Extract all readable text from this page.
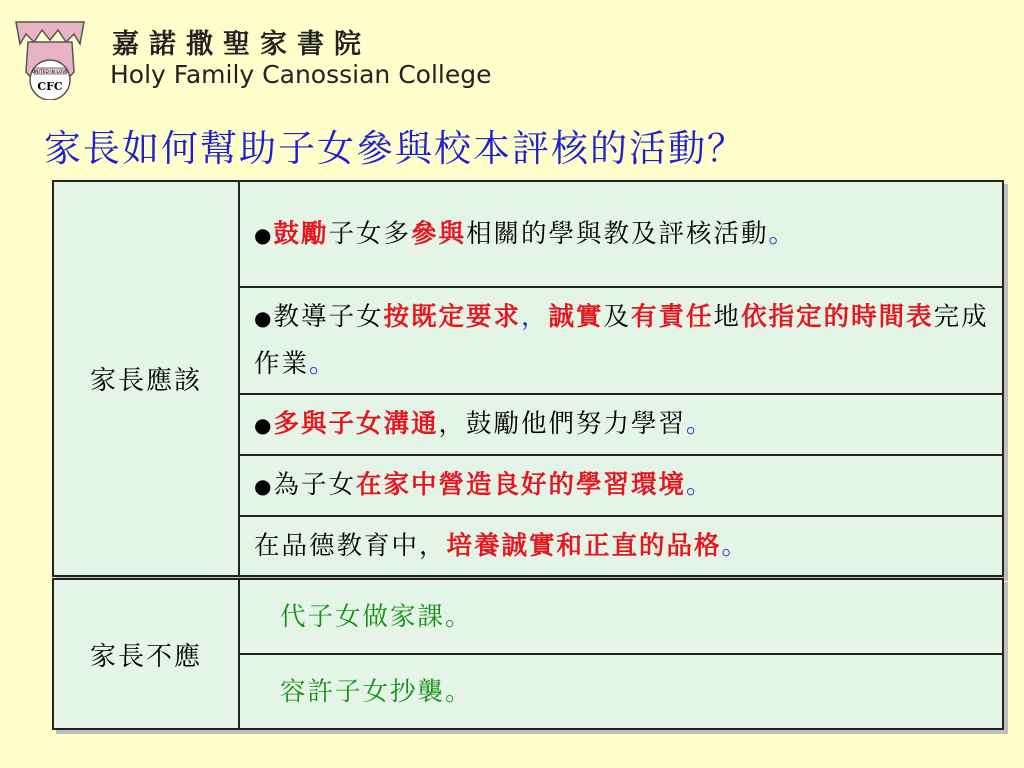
UNITED IN LOVE
CFC
嘉諾撒聖家書院
Holy Family Canossian College
家長如何幫助子女參與校本評核的活動？
家長應該	●鼓勵子女多參與相關的學與教及評核活動。
●教導子女按既定要求，誠實及有責任地依指定的時間表完成作業。
●多與子女溝通，鼓勵他們努力學習。
●為子女在家中營造良好的學習環境。
在品德教育中，培養誠實和正直的品格。
家長不應	代子女做家課。
容許子女抄襲。
